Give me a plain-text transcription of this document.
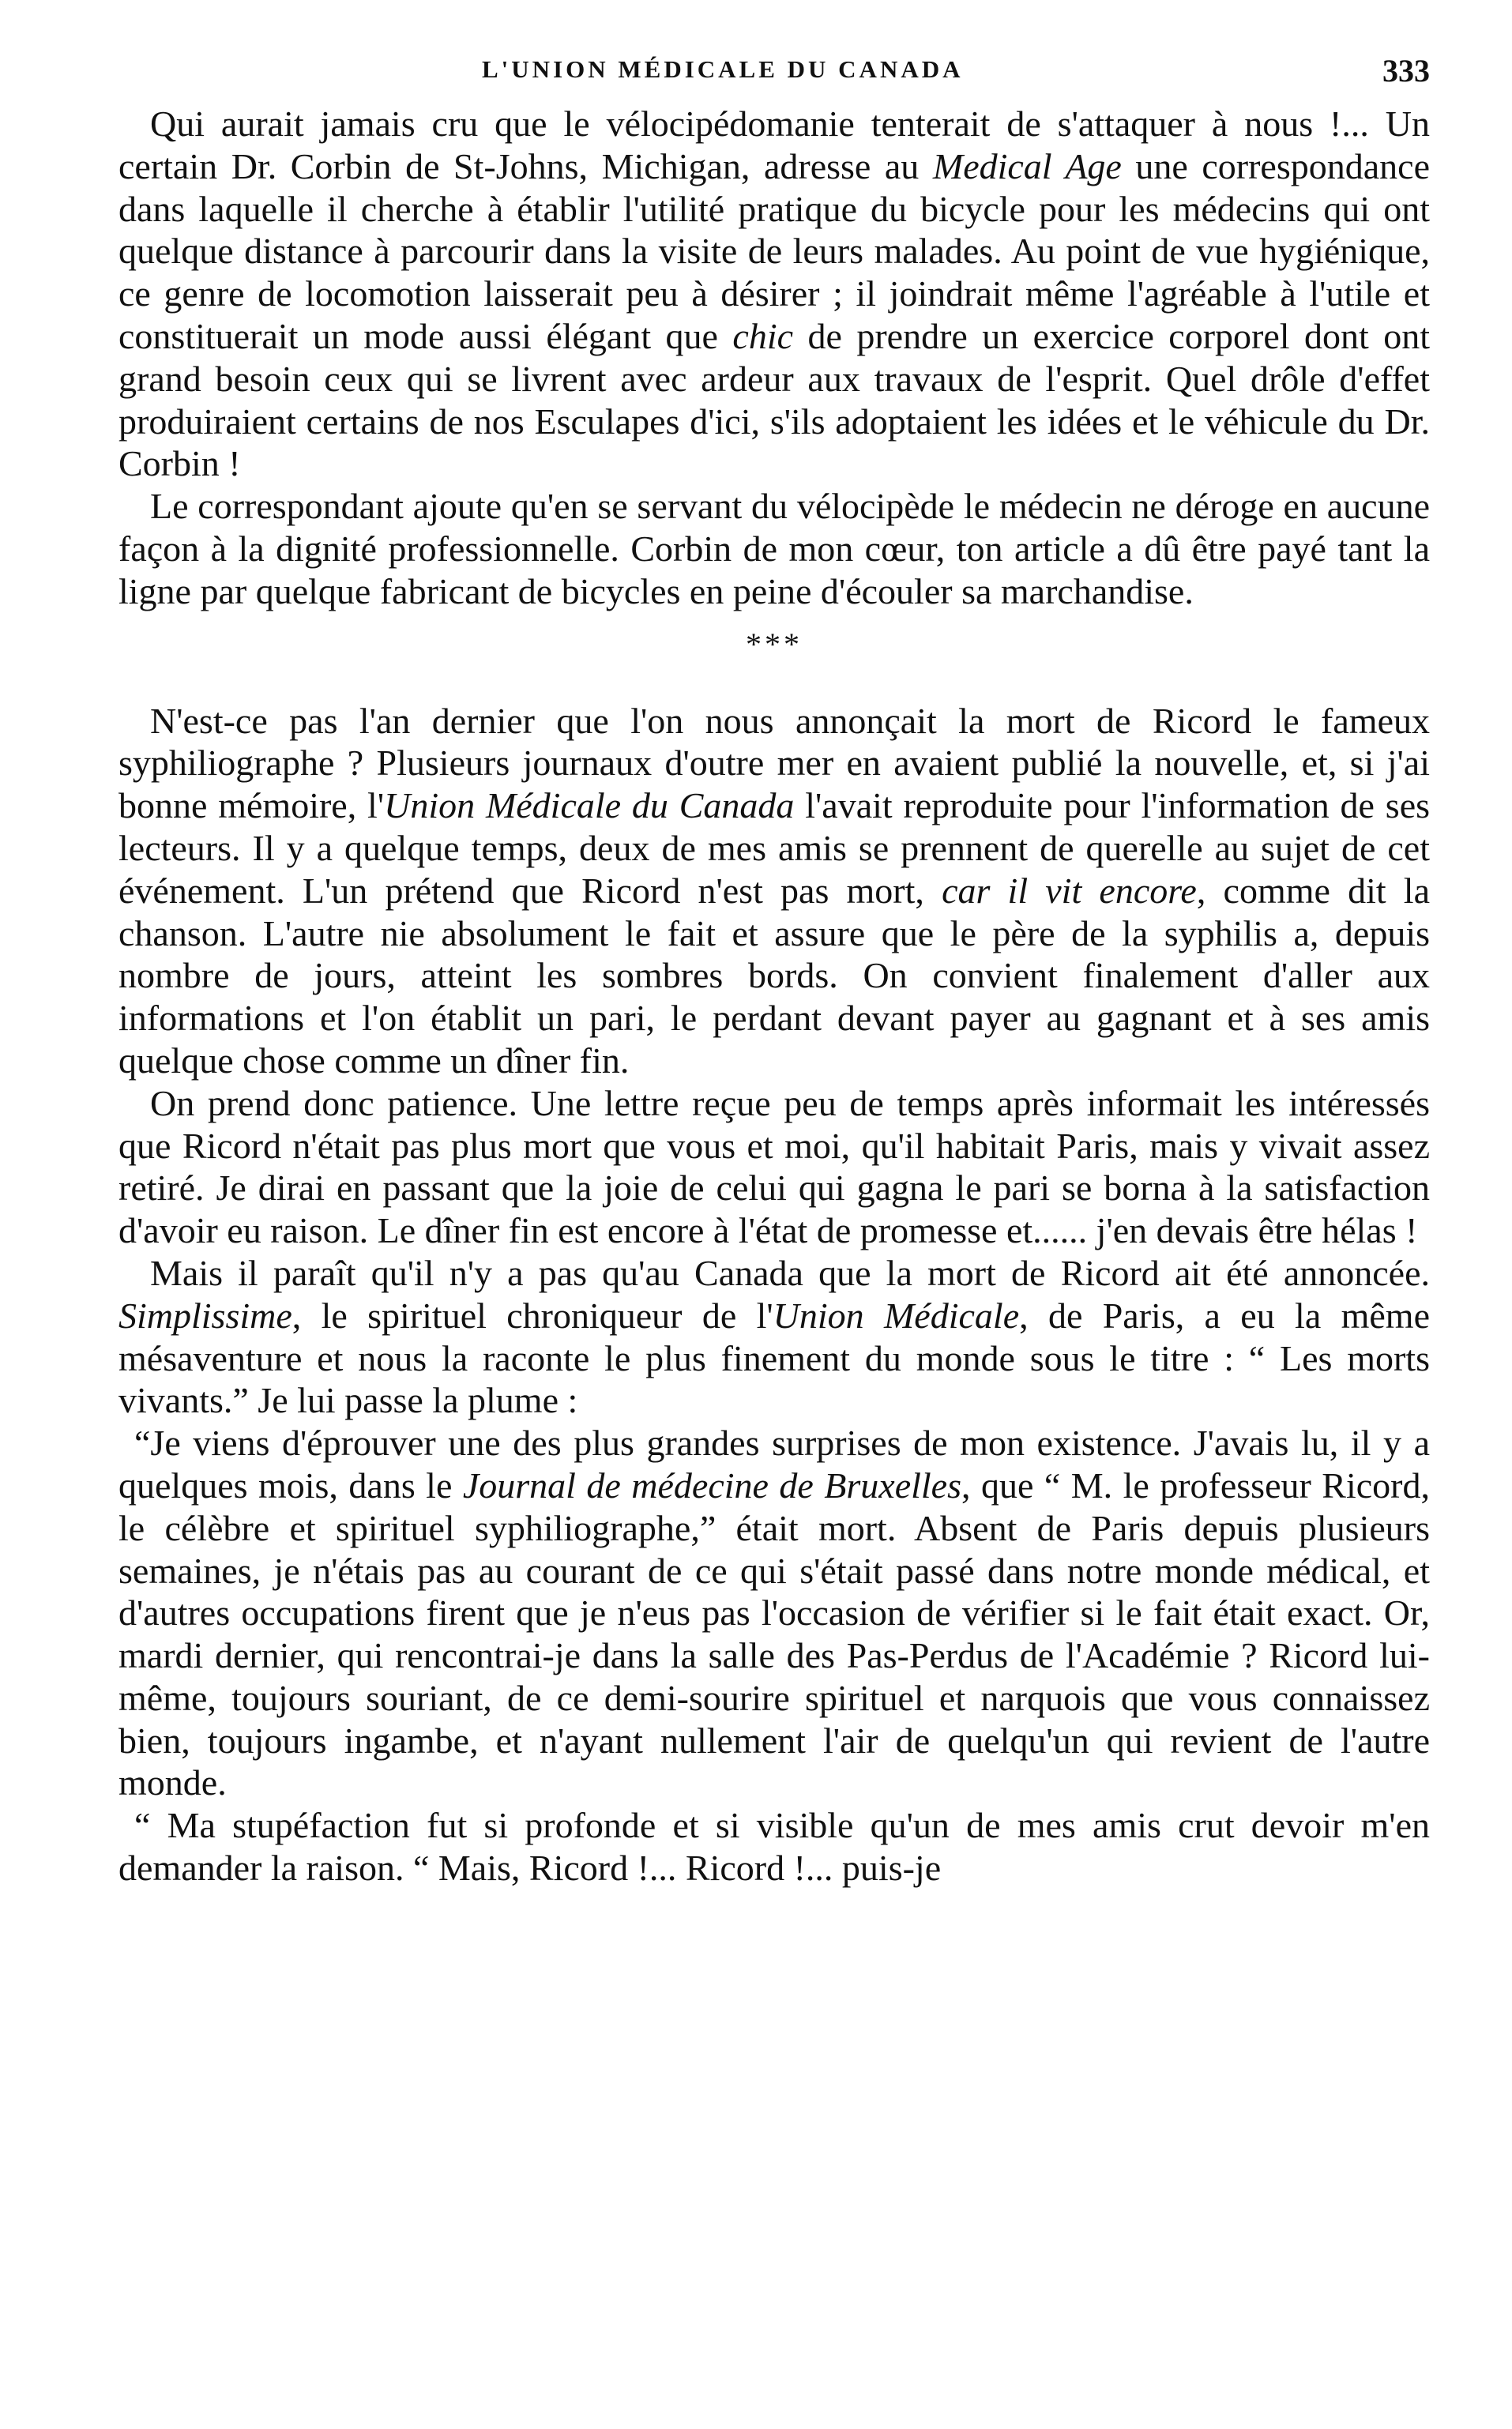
L'UNION MÉDICALE DU CANADA	333

Qui aurait jamais cru que le vélocipédomanie tenterait de s'attaquer à nous !... Un certain Dr. Corbin de St-Johns, Michigan, adresse au Medical Age une correspondance dans laquelle il cherche à établir l'utilité pratique du bicycle pour les médecins qui ont quelque distance à parcourir dans la visite de leurs malades. Au point de vue hygiénique, ce genre de locomotion laisserait peu à désirer ; il joindrait même l'agréable à l'utile et constituerait un mode aussi élégant que chic de prendre un exercice corporel dont ont grand besoin ceux qui se livrent avec ardeur aux travaux de l'esprit. Quel drôle d'effet produiraient certains de nos Esculapes d'ici, s'ils adoptaient les idées et le véhicule du Dr. Corbin !

Le correspondant ajoute qu'en se servant du vélocipède le médecin ne déroge en aucune façon à la dignité professionnelle. Corbin de mon cœur, ton article a dû être payé tant la ligne par quelque fabricant de bicycles en peine d'écouler sa marchandise.

***

N'est-ce pas l'an dernier que l'on nous annonçait la mort de Ricord le fameux syphiliographe ? Plusieurs journaux d'outre mer en avaient publié la nouvelle, et, si j'ai bonne mémoire, l'Union Médicale du Canada l'avait reproduite pour l'information de ses lecteurs. Il y a quelque temps, deux de mes amis se prennent de querelle au sujet de cet événement. L'un prétend que Ricord n'est pas mort, car il vit encore, comme dit la chanson. L'autre nie absolument le fait et assure que le père de la syphilis a, depuis nombre de jours, atteint les sombres bords. On convient finalement d'aller aux informations et l'on établit un pari, le perdant devant payer au gagnant et à ses amis quelque chose comme un dîner fin.

On prend donc patience. Une lettre reçue peu de temps après informait les intéressés que Ricord n'était pas plus mort que vous et moi, qu'il habitait Paris, mais y vivait assez retiré. Je dirai en passant que la joie de celui qui gagna le pari se borna à la satisfaction d'avoir eu raison. Le dîner fin est encore à l'état de promesse et...... j'en devais être hélas !

Mais il paraît qu'il n'y a pas qu'au Canada que la mort de Ricord ait été annoncée. Simplissime, le spirituel chroniqueur de l'Union Médicale, de Paris, a eu la même mésaventure et nous la raconte le plus finement du monde sous le titre : “ Les morts vivants.” Je lui passe la plume :

“Je viens d'éprouver une des plus grandes surprises de mon existence. J'avais lu, il y a quelques mois, dans le Journal de médecine de Bruxelles, que “ M. le professeur Ricord, le célèbre et spirituel syphiliographe,” était mort. Absent de Paris depuis plusieurs semaines, je n'étais pas au courant de ce qui s'était passé dans notre monde médical, et d'autres occupations firent que je n'eus pas l'occasion de vérifier si le fait était exact. Or, mardi dernier, qui rencontrai-je dans la salle des Pas-Perdus de l'Académie ? Ricord lui-même, toujours souriant, de ce demi-sourire spirituel et narquois que vous connaissez bien, toujours ingambe, et n'ayant nullement l'air de quelqu'un qui revient de l'autre monde.

“ Ma stupéfaction fut si profonde et si visible qu'un de mes amis crut devoir m'en demander la raison. “ Mais, Ricord !... Ricord !... puis-je
